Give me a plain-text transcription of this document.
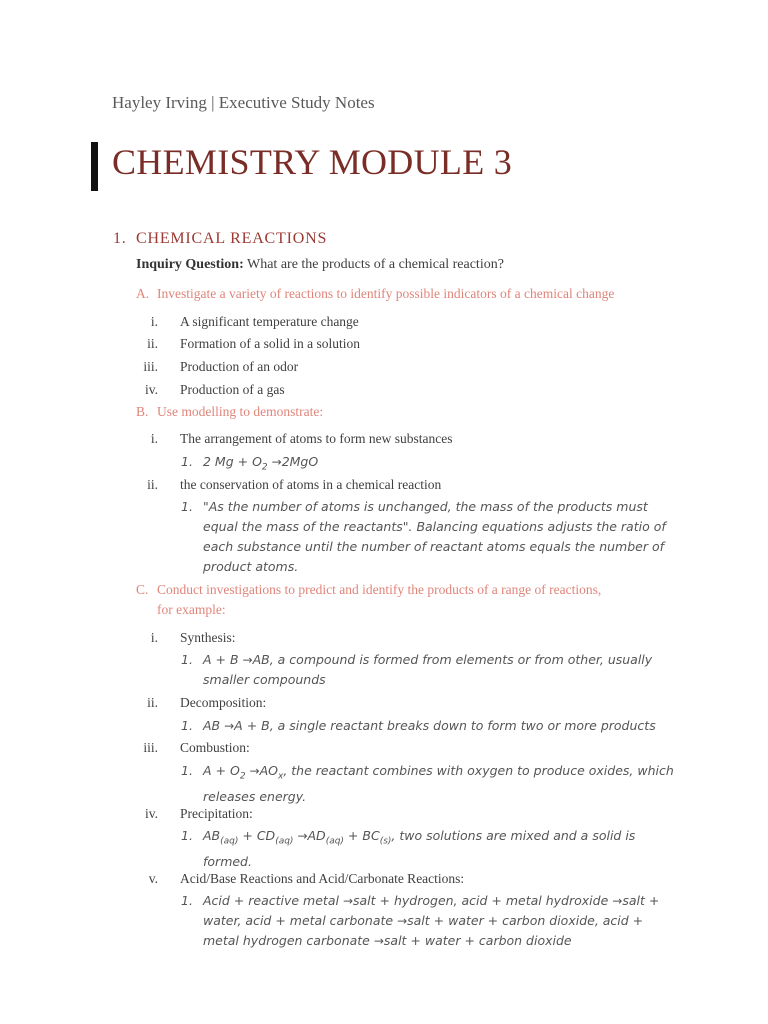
Hayley Irving | Executive Study Notes
CHEMISTRY MODULE 3
1. CHEMICAL REACTIONS
Inquiry Question: What are the products of a chemical reaction?
A. Investigate a variety of reactions to identify possible indicators of a chemical change
i. A significant temperature change
ii. Formation of a solid in a solution
iii. Production of an odor
iv. Production of a gas
B. Use modelling to demonstrate:
i. The arrangement of atoms to form new substances
1. 2 $Mg + O_2 \to 2MgO$
ii. the conservation of atoms in a chemical reaction
1. "As the number of atoms is unchanged, the mass of the products must
equal the mass of the reactants". Balancing equations adjusts the ratio of
each substance until the number of reactant atoms equals the number of
product atoms.
C. Conduct investigations to predict and identify the products of a range of reactions,
for example:
i. Synthesis:
1. A + B →AB, a compound is formed from elements or from other, usually
smaller compounds
ii. Decomposition:
1. AB →A + B, a single reactant breaks down to form two or more products
iii. Combustion:
1. $A + O_2 \to AO_x$, the reactant combines with oxygen to produce oxides, which
releases energy.
iv. Precipitation:
1. $AB_{(aq)} + CD_{(aq)} \to AD_{(aq)} + BC_{(s)}$, two solutions are mixed and a solid is
formed.
v. Acid/Base Reactions and Acid/Carbonate Reactions:
1. Acid + reactive metal →salt + hydrogen, acid + metal hydroxide →salt +
water, acid + metal carbonate →salt + water + carbon dioxide, acid +
metal hydrogen carbonate →salt + water + carbon dioxide
